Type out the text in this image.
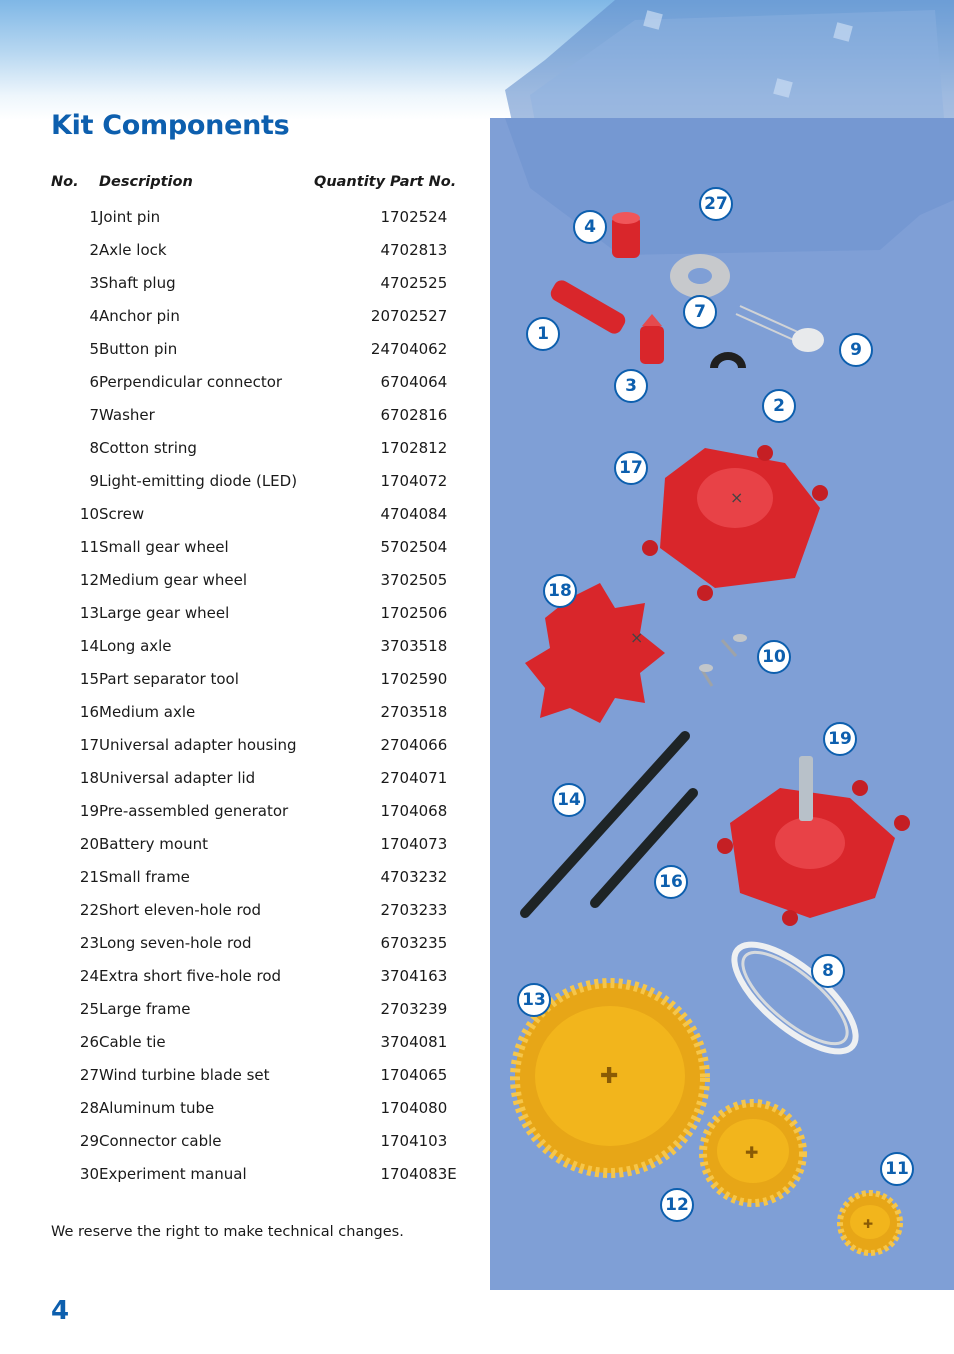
Kit Components
No.	Description	Quantity	Part No.
1	Joint pin	1	702524
2	Axle lock	4	702813
3	Shaft plug	4	702525
4	Anchor pin	20	702527
5	Button pin	24	704062
6	Perpendicular connector	6	704064
7	Washer	6	702816
8	Cotton string	1	702812
9	Light-emitting diode (LED)	1	704072
10	Screw	4	704084
11	Small gear wheel	5	702504
12	Medium gear wheel	3	702505
13	Large gear wheel	1	702506
14	Long axle	3	703518
15	Part separator tool	1	702590
16	Medium axle	2	703518
17	Universal adapter housing	2	704066
18	Universal adapter lid	2	704071
19	Pre-assembled generator	1	704068
20	Battery mount	1	704073
21	Small frame	4	703232
22	Short eleven-hole rod	2	703233
23	Long seven-hole rod	6	703235
24	Extra short five-hole rod	3	704163
25	Large frame	2	703239
26	Cable tie	3	704081
27	Wind turbine blade set	1	704065
28	Aluminum tube	1	704080
29	Connector cable	1	704103
30	Experiment manual	1	704083E

We reserve the right to make technical changes.

4

×
×
✚
✚
✚
27
4
7
1
9
3
2
17
18
10
19
14
16
8
13
11
12
